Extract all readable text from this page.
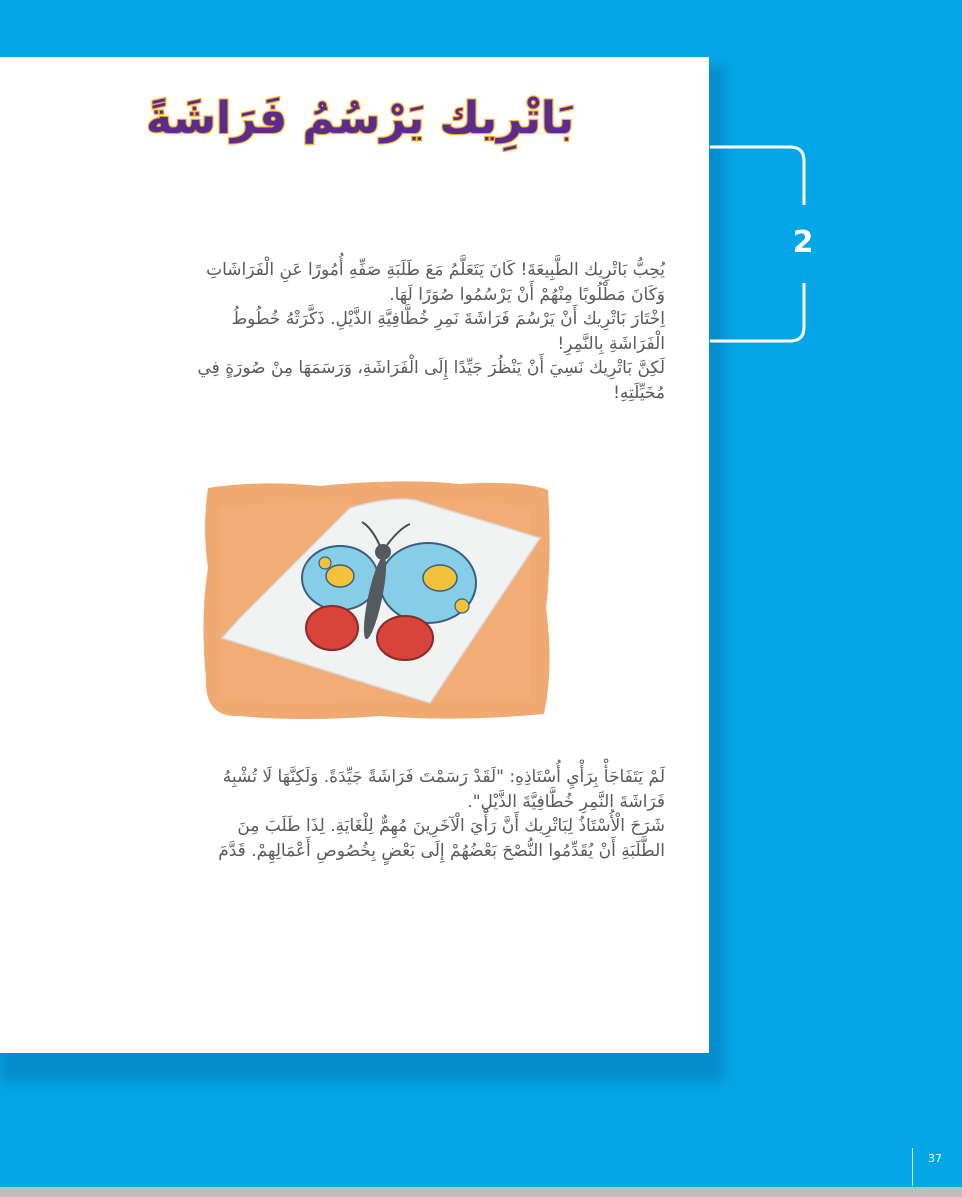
بَاتْرِيك يَرْسُمُ فَرَاشَةً
يُحِبُّ بَاتْرِيك الطَّبِيعَةَ! كَانَ يَتَعَلَّمُ مَعَ طَلَبَةِ صَفِّهِ أُمُورًا عَنِ الْفَرَاشَاتِ
وَكَانَ مَطْلُوبًا مِنْهُمْ أَنْ يَرْسُمُوا صُوَرًا لَهَا.
اِخْتَارَ بَاتْرِيك أَنْ يَرْسُمَ فَرَاشَةَ نَمِرِ خُطَّافِيَّةِ الذَّيْلِ. ذَكَّرَتْهُ خُطُوطُ
الْفَرَاشَةِ بِالنَّمِرِ!
لَكِنَّ بَاتْرِيك نَسِيَ أَنْ يَنْظُرَ جَيِّدًا إِلَى الْفَرَاشَةِ، وَرَسَمَهَا مِنْ صُورَةٍ فِي
مُخَيِّلَتِهِ!
لَمْ يَتَفَاجَأْ بِرَأْيِ أُسْتَاذِهِ: "لَقَدْ رَسَمْتَ فَرَاشَةً جَيِّدَةً. وَلَكِنَّهَا لَا تُشْبِهُ
فَرَاشَةَ النَّمِرِ خُطَّافِيَّةَ الذَّيْلِ".
شَرَحَ الْأُسْتَاذُ لِبَاتْرِيك أَنَّ رَأْيَ الْآخَرِينَ مُهِمٌّ لِلْغَايَةِ. لِذَا طَلَبَ مِنَ
الطَّلَبَةِ أَنْ يُقَدِّمُوا النُّصْحَ بَعْضُهُمْ إِلَى بَعْضٍ بِخُصُوصِ أَعْمَالِهِمْ. قَدَّمَ
2
37
